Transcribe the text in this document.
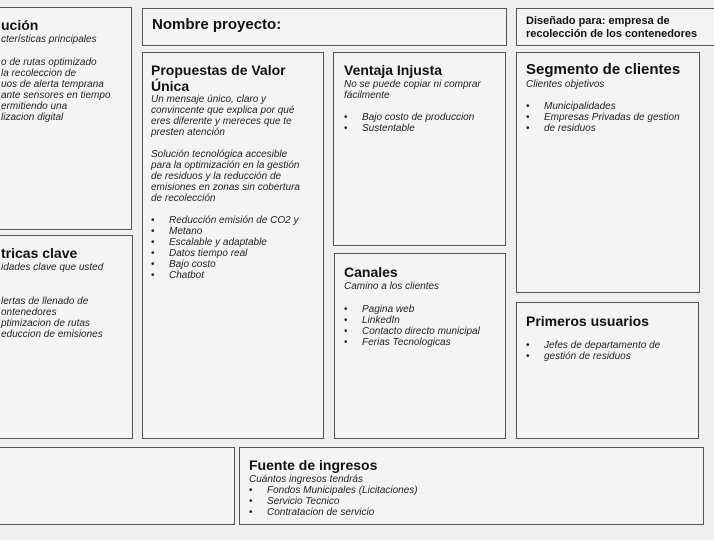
ución

cterísticas principales

o de rutas optimizado

la recoleccion de

uos de alerta temprana

ante sensores en tiempo

ermitiendo una

lizacion digital

Nombre proyecto:	Diseñado para: empresa de

recolección de los contenedores

Propuestas de Valor

Única

Un mensaje único, claro y

convincente que explica por qué

eres diferente y mereces que te

presten atención

Solución tecnológica accesible

para la optimización en la gestión

de residuos y la reducción de

emisiones en zonas sin cobertura

de recolección

• Reducción emisión de CO2 y
• Metano
• Escalable y adaptable
• Datos tiempo real
• Bajo costo
• Chatbot

Ventaja Injusta

No se puede copiar ni comprar

fácilmente

• Bajo costo de produccion
• Sustentable

Segmento de clientes

Clientes objetivos

• Municipalidades
• Empresas Privadas de gestion
• de residuos

tricas clave

idades clave que usted

lertas de llenado de

ontenedores

ptimizacion de rutas

educcion de emisiones

Canales

Camino a los clientes

• Pagina web
• LinkedIn
• Contacto directo municipal
• Ferias Tecnologicas

Primeros usuarios

• Jefes de departamento de
• gestión de residuos

Fuente de ingresos

Cuántos ingresos tendrás

• Fondos Municipales (Licitaciones)
• Servicio Tecnico
• Contratacion de servicio
